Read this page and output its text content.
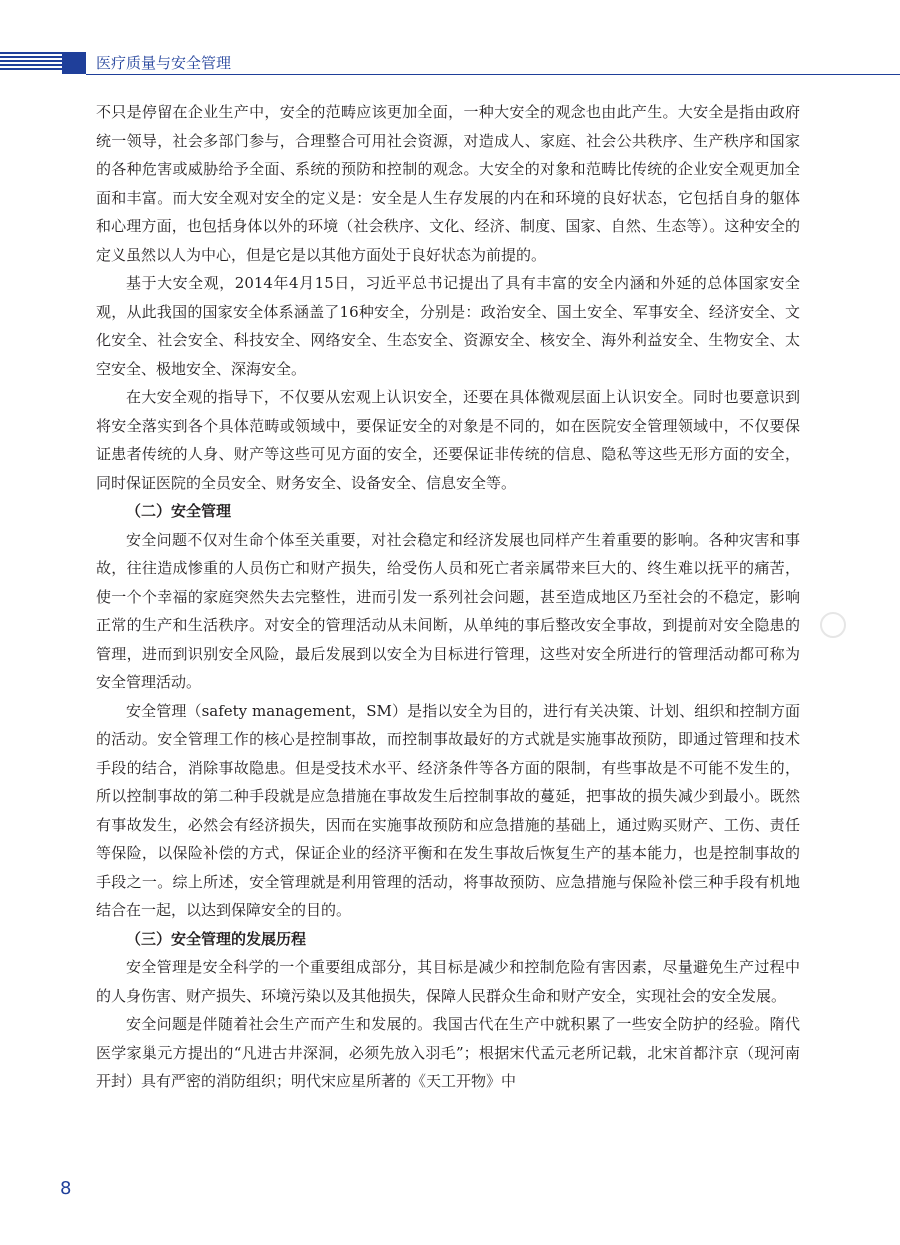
医疗质量与安全管理

不只是停留在企业生产中，安全的范畴应该更加全面，一种大安全的观念也由此产生。大安全是指由政府统一领导，社会多部门参与，合理整合可用社会资源，对造成人、家庭、社会公共秩序、生产秩序和国家的各种危害或威胁给予全面、系统的预防和控制的观念。大安全的对象和范畴比传统的企业安全观更加全面和丰富。而大安全观对安全的定义是：安全是人生存发展的内在和环境的良好状态，它包括自身的躯体和心理方面，也包括身体以外的环境（社会秩序、文化、经济、制度、国家、自然、生态等）。这种安全的定义虽然以人为中心，但是它是以其他方面处于良好状态为前提的。

基于大安全观，2014年4月15日，习近平总书记提出了具有丰富的安全内涵和外延的总体国家安全观，从此我国的国家安全体系涵盖了16种安全，分别是：政治安全、国土安全、军事安全、经济安全、文化安全、社会安全、科技安全、网络安全、生态安全、资源安全、核安全、海外利益安全、生物安全、太空安全、极地安全、深海安全。

在大安全观的指导下，不仅要从宏观上认识安全，还要在具体微观层面上认识安全。同时也要意识到将安全落实到各个具体范畴或领域中，要保证安全的对象是不同的，如在医院安全管理领域中，不仅要保证患者传统的人身、财产等这些可见方面的安全，还要保证非传统的信息、隐私等这些无形方面的安全，同时保证医院的全员安全、财务安全、设备安全、信息安全等。

（二）安全管理

安全问题不仅对生命个体至关重要，对社会稳定和经济发展也同样产生着重要的影响。各种灾害和事故，往往造成惨重的人员伤亡和财产损失，给受伤人员和死亡者亲属带来巨大的、终生难以抚平的痛苦，使一个个幸福的家庭突然失去完整性，进而引发一系列社会问题，甚至造成地区乃至社会的不稳定，影响正常的生产和生活秩序。对安全的管理活动从未间断，从单纯的事后整改安全事故，到提前对安全隐患的管理，进而到识别安全风险，最后发展到以安全为目标进行管理，这些对安全所进行的管理活动都可称为安全管理活动。

安全管理（safety management，SM）是指以安全为目的，进行有关决策、计划、组织和控制方面的活动。安全管理工作的核心是控制事故，而控制事故最好的方式就是实施事故预防，即通过管理和技术手段的结合，消除事故隐患。但是受技术水平、经济条件等各方面的限制，有些事故是不可能不发生的，所以控制事故的第二种手段就是应急措施在事故发生后控制事故的蔓延，把事故的损失减少到最小。既然有事故发生，必然会有经济损失，因而在实施事故预防和应急措施的基础上，通过购买财产、工伤、责任等保险，以保险补偿的方式，保证企业的经济平衡和在发生事故后恢复生产的基本能力，也是控制事故的手段之一。综上所述，安全管理就是利用管理的活动，将事故预防、应急措施与保险补偿三种手段有机地结合在一起，以达到保障安全的目的。

（三）安全管理的发展历程

安全管理是安全科学的一个重要组成部分，其目标是减少和控制危险有害因素，尽量避免生产过程中的人身伤害、财产损失、环境污染以及其他损失，保障人民群众生命和财产安全，实现社会的安全发展。

安全问题是伴随着社会生产而产生和发展的。我国古代在生产中就积累了一些安全防护的经验。隋代医学家巢元方提出的“凡进古井深洞，必须先放入羽毛”；根据宋代孟元老所记载，北宋首都汴京（现河南开封）具有严密的消防组织；明代宋应星所著的《天工开物》中

8
